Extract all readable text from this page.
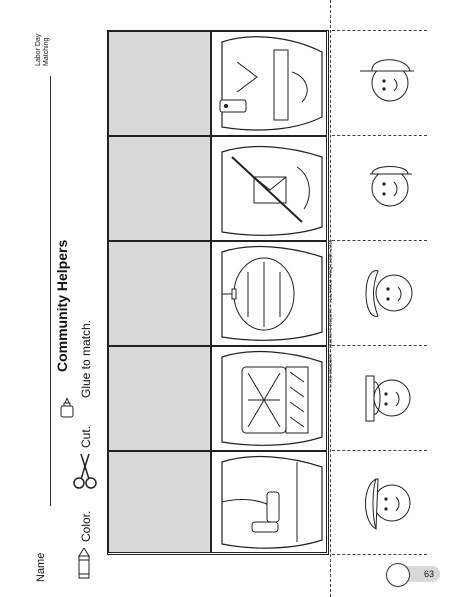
Name
Labor Day Matching
Community Helpers
Color.
Cut.
Glue to match.	©The Mailbox® • Teacher's Helper® • TEC44003 • Aug./Sept. 2015
63
